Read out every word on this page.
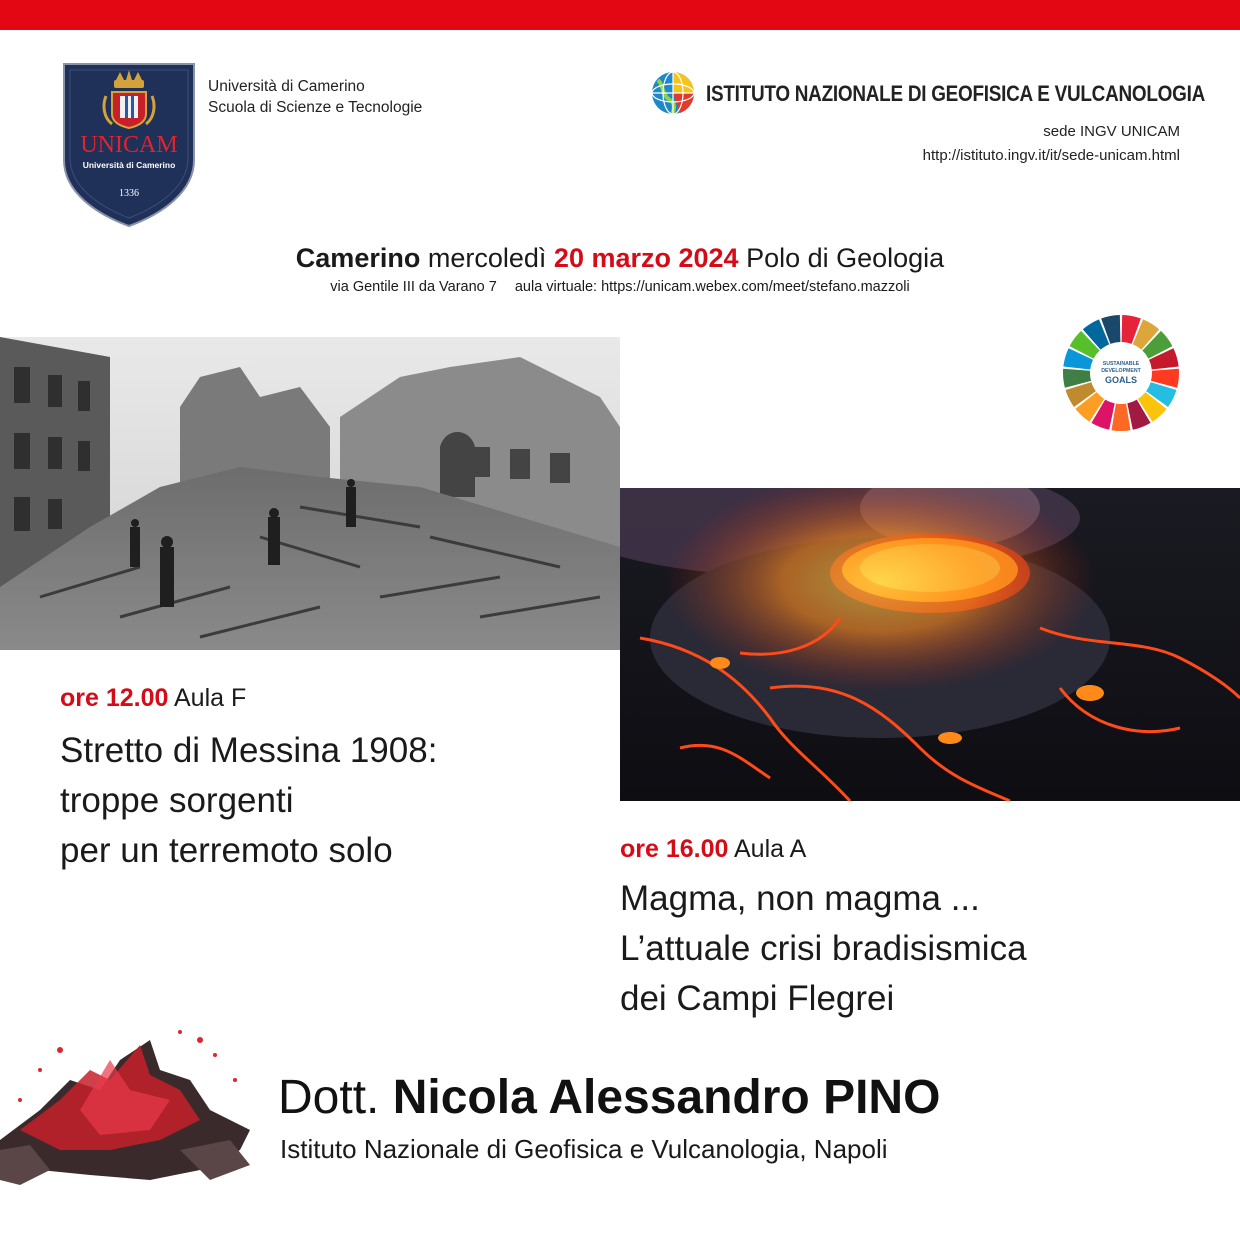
UNICAM
Università di Camerino
1336
Università di Camerino
Scuola di Scienze e Tecnologie
ISTITUTO NAZIONALE DI GEOFISICA E VULCANOLOGIA
sede INGV UNICAM
http://istituto.ingv.it/it/sede-unicam.html
Camerino mercoledì 20 marzo 2024 Polo di Geologia
via Gentile III da Varano 7 aula virtuale: https://unicam.webex.com/meet/stefano.mazzoli
SUSTAINABLE
DEVELOPMENT
GOALS
ore 12.00 Aula F
Stretto di Messina 1908:
troppe sorgenti
per un terremoto solo	ore 16.00 Aula A
Magma, non magma ...
L’attuale crisi bradisismica
dei Campi Flegrei
Dott. Nicola Alessandro PINO
Istituto Nazionale di Geofisica e Vulcanologia, Napoli
